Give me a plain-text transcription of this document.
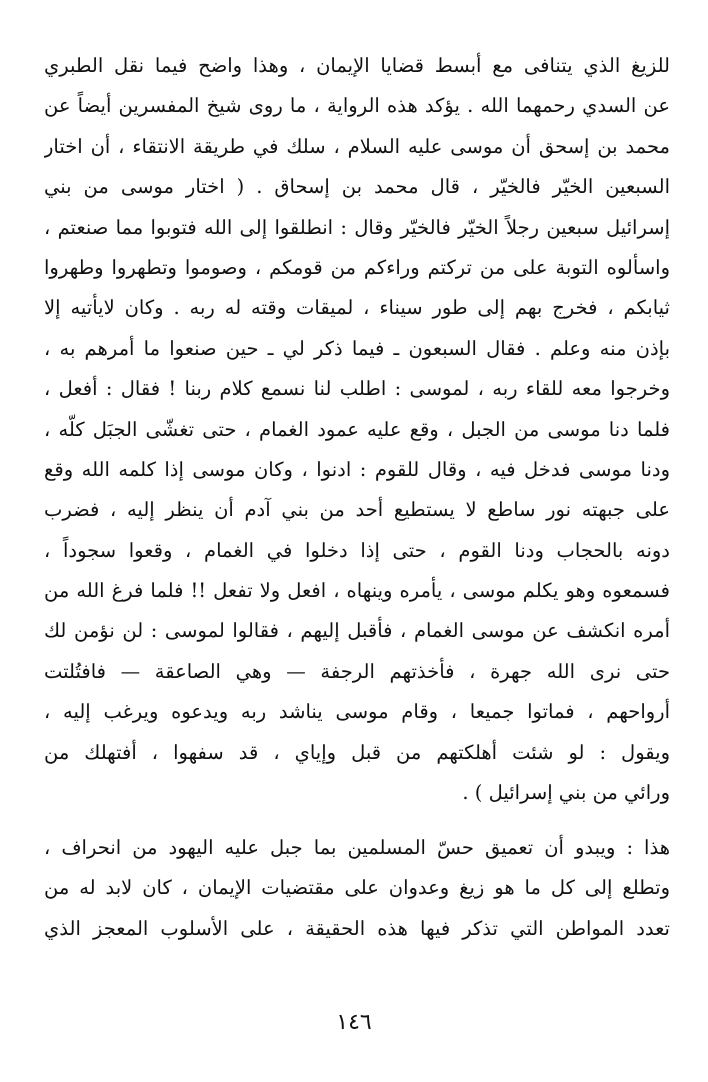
للزيغ الذي يتنافى مع أبسط قضايا الإيمان ، وهذا واضح فيما نقل الطبري
عن السدي رحمهما الله . يؤكد هذه الرواية ، ما روى شيخ المفسرين أيضاً عن
محمد بن إسحق أن موسى عليه السلام ، سلك في طريقة الانتقاء ، أن اختار
السبعين الخيّر فالخيّر ، قال محمد بن إسحاق . ( اختار موسى من بني
إسرائيل سبعين رجلاً الخيّر فالخيّر وقال : انطلقوا إلى الله فتوبوا مما صنعتم ،
واسألوه التوبة على من تركتم وراءكم من قومكم ، وصوموا وتطهروا وطهروا
ثيابكم ، فخرج بهم إلى طور سيناء ، لميقات وقته له ربه . وكان لايأتيه إلا
بإذن منه وعلم . فقال السبعون ـ فيما ذكر لي ـ حين صنعوا ما أمرهم به ،
وخرجوا معه للقاء ربه ، لموسى : اطلب لنا نسمع كلام ربنا ! فقال : أفعل ،
فلما دنا موسى من الجبل ، وقع عليه عمود الغمام ، حتى تغشّى الجبَل كلّه ،
ودنا موسى فدخل فيه ، وقال للقوم : ادنوا ، وكان موسى إذا كلمه الله وقع
على جبهته نور ساطع لا يستطيع أحد من بني آدم أن ينظر إليه ، فضرب
دونه بالحجاب ودنا القوم ، حتى إذا دخلوا في الغمام ، وقعوا سجوداً ،
فسمعوه وهو يكلم موسى ، يأمره وينهاه ، افعل ولا تفعل !! فلما فرغ الله من
أمره انكشف عن موسى الغمام ، فأقبل إليهم ، فقالوا لموسى : لن نؤمن لك
حتى نرى الله جهرة ، فأخذتهم الرجفة — وهي الصاعقة — فافتُلتت
أرواحهم ، فماتوا جميعا ، وقام موسى يناشد ربه ويدعوه ويرغب إليه ،
ويقول : لو شئت أهلكتهم من قبل وإياي ، قد سفهوا ، أفتهلك من
ورائي من بني إسرائيل ) .
هذا : ويبدو أن تعميق حسّ المسلمين بما جبل عليه اليهود من انحراف ،
وتطلع إلى كل ما هو زيغ وعدوان على مقتضيات الإيمان ، كان لابد له من
تعدد المواطن التي تذكر فيها هذه الحقيقة ، على الأسلوب المعجز الذي
١٤٦
